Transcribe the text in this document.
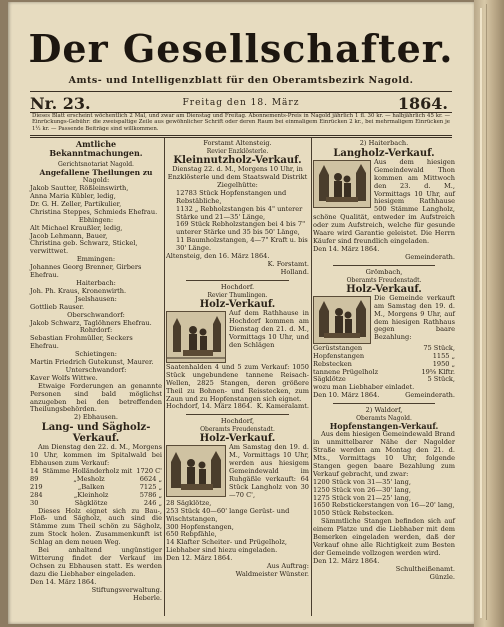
Der Gesellschafter.
Amts- und Intelligenzblatt für den Oberamtsbezirk Nagold.
Nr. 23.	Freitag den 18. März	1864.
Dieses Blatt erscheint wöchentlich 2 Mal, und zwar am Dienstag und Freitag. Abonnements-Preis in Nagold jährlich 1 fl. 30 kr. — halbjährlich 45 kr. — Einrückungs-Gebühr: die zweispaltige Zeile aus gewöhnlicher Schrift oder deren Raum bei einmaligem Einrücken 2 kr., bei mehrmaligem Einrücken je 1½ kr. — Passende Beiträge sind willkommen.
Amtliche Bekanntmachungen.
Gerichtsnotariat Nagold.
Angefallene Theilungen zu
Nagold:
Jakob Sautter, Rößleinswirth,
Anna Maria Kübler, ledig,
Dr. G. H. Zeller, Partikulier,
Christina Steppes, Schmieds Ehefrau.
Ebhingen:
Alt Michael Kraußler, ledig,
Jacob Lehmann, Bauer,
Christina geb. Schwarz, Stickel, verwittwet.
Emmingen:
Johannes Georg Brenner, Girbers Ehefrau.
Haiterbach:
Joh. Ph. Kraus, Kronenwirth.
Jselshausen:
Gottlieb Rauser.
Oberschwandorf:
Jakob Schwarz, Taglöhners Ehefrau.
Rohrdorf:
Sebastian Frohmüller, Seckers Ehefrau.
Schietingen:
Martin Friedrich Gutekunst, Maurer.
Unterschwandorf:
Kaver Wolfs Wittwe.
Etwaige Forderungen an genannte Personen sind bald möglichst anzugeben bei den betreffenden Theilungsbehörden.
2) Ebhausen.
Lang- und Sägholz-Verkauf.
Am Dienstag den 22. d. M., Morgens 10 Uhr, kommen im Spitalwald bei Ebhausen zum Verkauf:
14 Stämme Holländerholz mit 1720 C'
89	„Mesholz	6624 „
219	„Balken	7125 „
284	„Kleinholz	5786 „
30	Sägklötze	246 „
Dieses Holz eignet sich zu Bau-, Floß- und Sägholz, auch sind die Stämme zum Theil schön zu Sägholz, zum Stock holen. Zusammenkunft ist Schlag an dem neuen Weg.
Bei anhaltend ungünstiger Witterung findet der Verkauf im Ochsen zu Ebhausen statt. Es werden dazu die Liebhaber eingeladen.
Den 14. März 1864.
Stiftungsverwaltung.
Heberle.
Forstamt Altensteig.
Revier Enzklösterle.
Kleinnutzholz-Verkauf.
Dienstag 22. d. M., Morgens 10 Uhr, in Enzklösterle und dem Staatswald Distrikt Ziegelhütte:
12783 Stück Hopfenstangen und Rebstäbliche,
1132 „ Rebholzstangen bis 4" unterer Stärke und 21—35' Länge,
169 Stück Rebholzstangen bei 4 bis 7" unterer Stärke und 35 bis 50' Länge,
11 Baumholzstangen, 4—7" Kraft u. bis 30' Länge.
Altensteig, den 16. März 1864.
K. Forstamt.
Holland.
Hochdorf.
Revier Thumlingen.
Holz-Verkauf.
Auf dem Rathhause in Hochdorf kommen am Dienstag den 21. d. M., Vormittags 10 Uhr, und den Schlägen
Saatenhalden 4 und 5 zum Verkauf: 1050 Stück ungebundene tannene Reisach-Wellen, 2825 Stangen, deren größere Theil zu Bohnen- und Reisstecken, zum Zaun und zu Hopfenstangen sich eignet.
Hochdorf, 14. März 1864. K. Kameralamt.
Hochdorf,
Oberamts Freudenstadt.
Holz-Verkauf.
Am Samstag den 19. d. M., Vormittags 10 Uhr, werden aus hiesigem Gemeindewald im Ruhgäßle verkauft: 64 Stück Langholz von 30—70 C',
28 Sägklötze,
253 Stück 40—60' lange Gerüst- und Wischtstangen,
300 Hopfenstangen,
650 Rebpfähle,
14 Klafter Scheiter- und Prügelholz,
Liebhaber sind hiezu eingeladen.
Den 12. März 1864.
Aus Auftrag:
Waldmeister Wünster.
2) Haiterbach.
Langholz-Verkauf.
Aus dem hiesigen Gemeindewald Thon kommen am Mittwoch den 23. d. M., Vormittags 10 Uhr, auf hiesigem Rathhause 500 Stämme Langholz, schöne Qualität, entweder im Aufstreich oder zum Aufstreich, welche für gesunde Waare wird Garantie geleistet. Die Herrn Käufer sind freundlich eingeladen.
Den 14. März 1864.
Gemeinderath.
Grömbach,
Oberamts Freudenstadt.
Holz-Verkauf.
Die Gemeinde verkauft am Samstag den 19. d. M., Morgens 9 Uhr, auf dem hiesigen Rathhaus gegen baare Bezahlung:
Gerüststangen	75 Stück,
Hopfenstangen	1155 „
Rebstecken	1950 „
tannene Prügelholz	19⅝ Klftr.
Sägklötze	5 Stück,
wozu man Liebhaber einladet.
Den 10. März 1864.	Gemeinderath.
2) Waldorf,
Oberamts Nagold.
Hopfenstangen-Verkauf.
Aus dem hiesigen Gemeindewald Brand in unmittelbarer Nähe der Nagolder Straße werden am Montag den 21. d. Mts., Vormittags 10 Uhr, folgende Stangen gegen baare Bezahlung zum Verkauf gebracht, und zwar:
1200 Stück von 31—35' lang,
1250 Stück von 26—30' lang,
1275 Stück von 21—25' lang,
1650 Rebstickerstangen von 16—20' lang,
1050 Stück Rebstecken.
Sämmtliche Stangen befinden sich auf einem Platze und die Liebhaber mit dem Bemerken eingeladen werden, daß der Verkauf ohne alle Richtigkeit zum Besten der Gemeinde vollzogen werden wird.
Den 12. März 1864.
Schultheißenamt.
Günzle.
